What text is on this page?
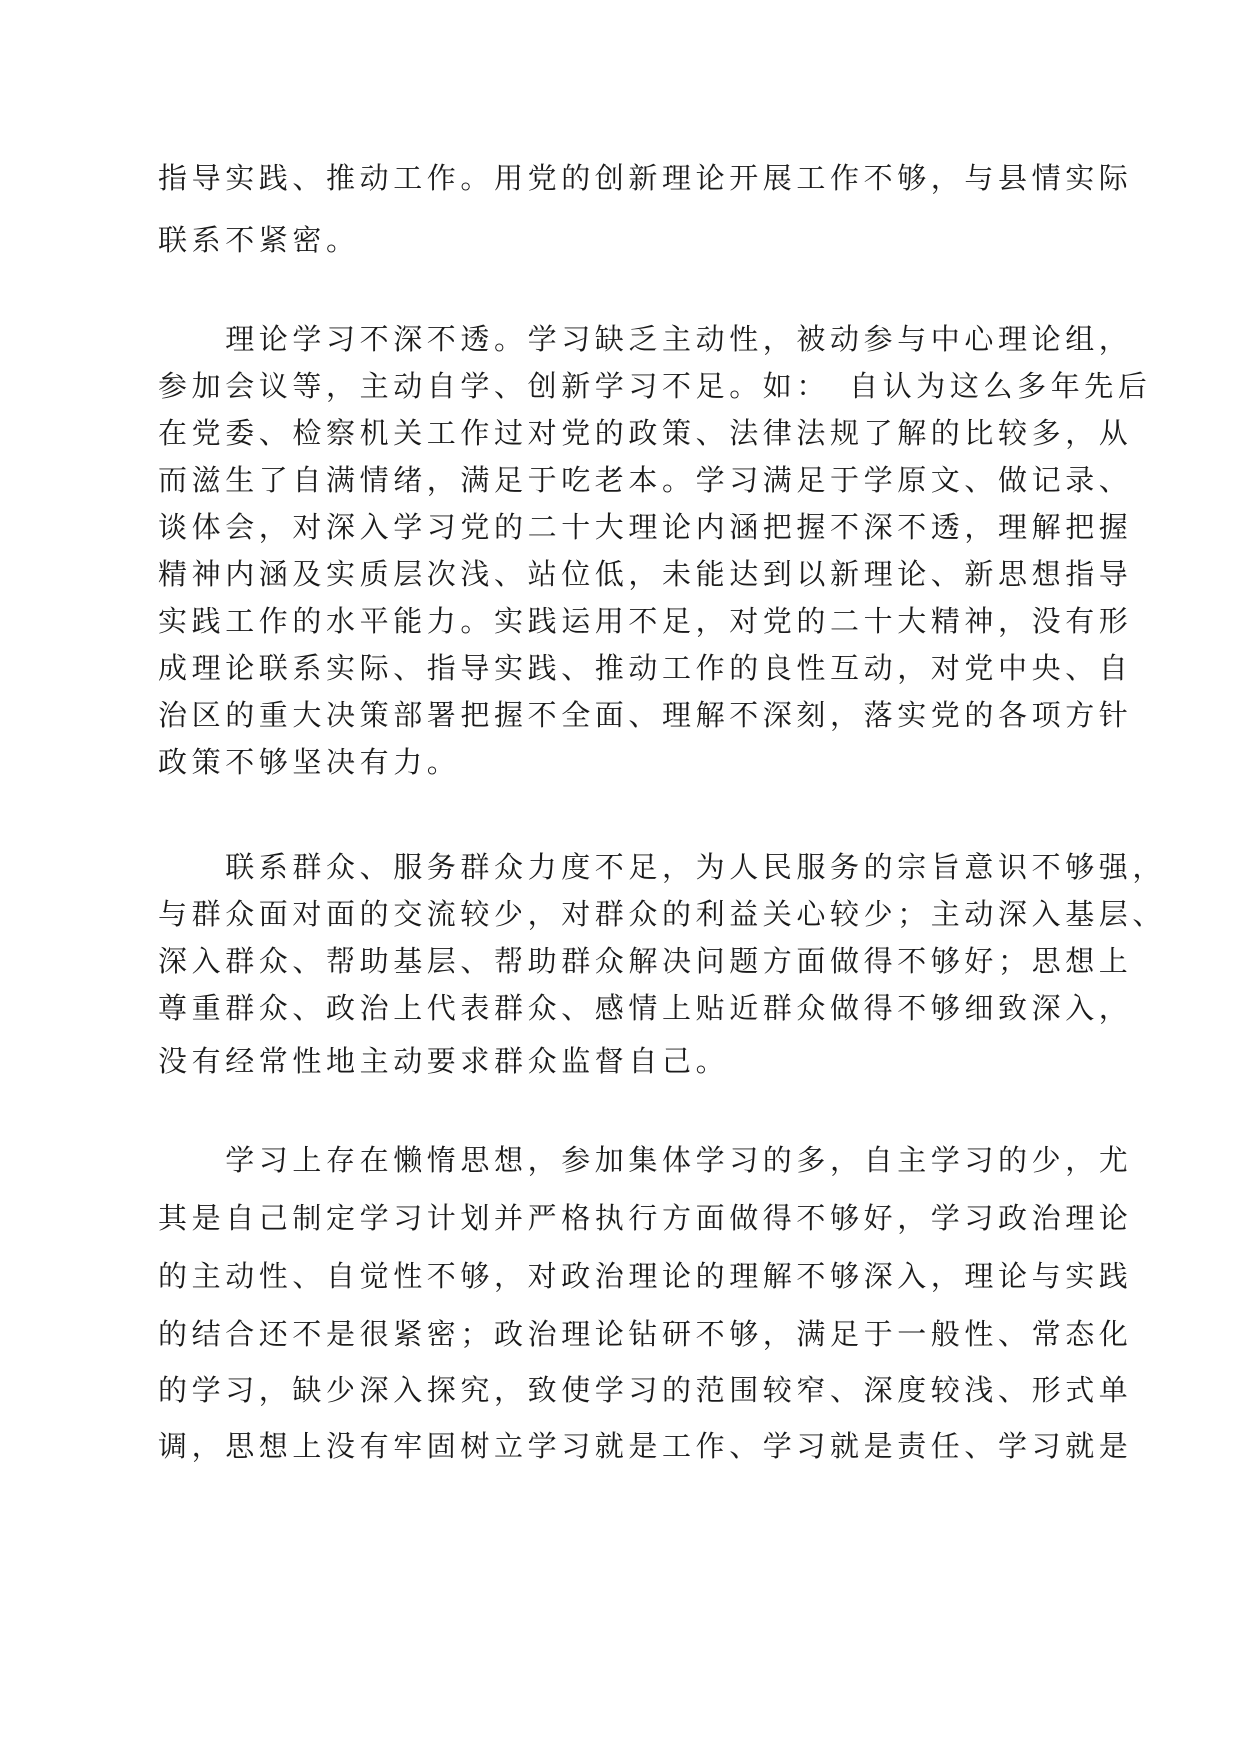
指导实践、推动工作。用党的创新理论开展工作不够，与县情实际
联系不紧密。
　　理论学习不深不透。学习缺乏主动性，被动参与中心理论组，
参加会议等，主动自学、创新学习不足。如：　自认为这么多年先后
在党委、检察机关工作过对党的政策、法律法规了解的比较多，从
而滋生了自满情绪，满足于吃老本。学习满足于学原文、做记录、
谈体会，对深入学习党的二十大理论内涵把握不深不透，理解把握
精神内涵及实质层次浅、站位低，未能达到以新理论、新思想指导
实践工作的水平能力。实践运用不足，对党的二十大精神，没有形
成理论联系实际、指导实践、推动工作的良性互动，对党中央、自
治区的重大决策部署把握不全面、理解不深刻，落实党的各项方针
政策不够坚决有力。
　　联系群众、服务群众力度不足，为人民服务的宗旨意识不够强，
与群众面对面的交流较少，对群众的利益关心较少；主动深入基层、
深入群众、帮助基层、帮助群众解决问题方面做得不够好；思想上
尊重群众、政治上代表群众、感情上贴近群众做得不够细致深入，
没有经常性地主动要求群众监督自己。
　　学习上存在懒惰思想，参加集体学习的多，自主学习的少，尤
其是自己制定学习计划并严格执行方面做得不够好，学习政治理论
的主动性、自觉性不够，对政治理论的理解不够深入，理论与实践
的结合还不是很紧密；政治理论钻研不够，满足于一般性、常态化
的学习，缺少深入探究，致使学习的范围较窄、深度较浅、形式单
调，思想上没有牢固树立学习就是工作、学习就是责任、学习就是
